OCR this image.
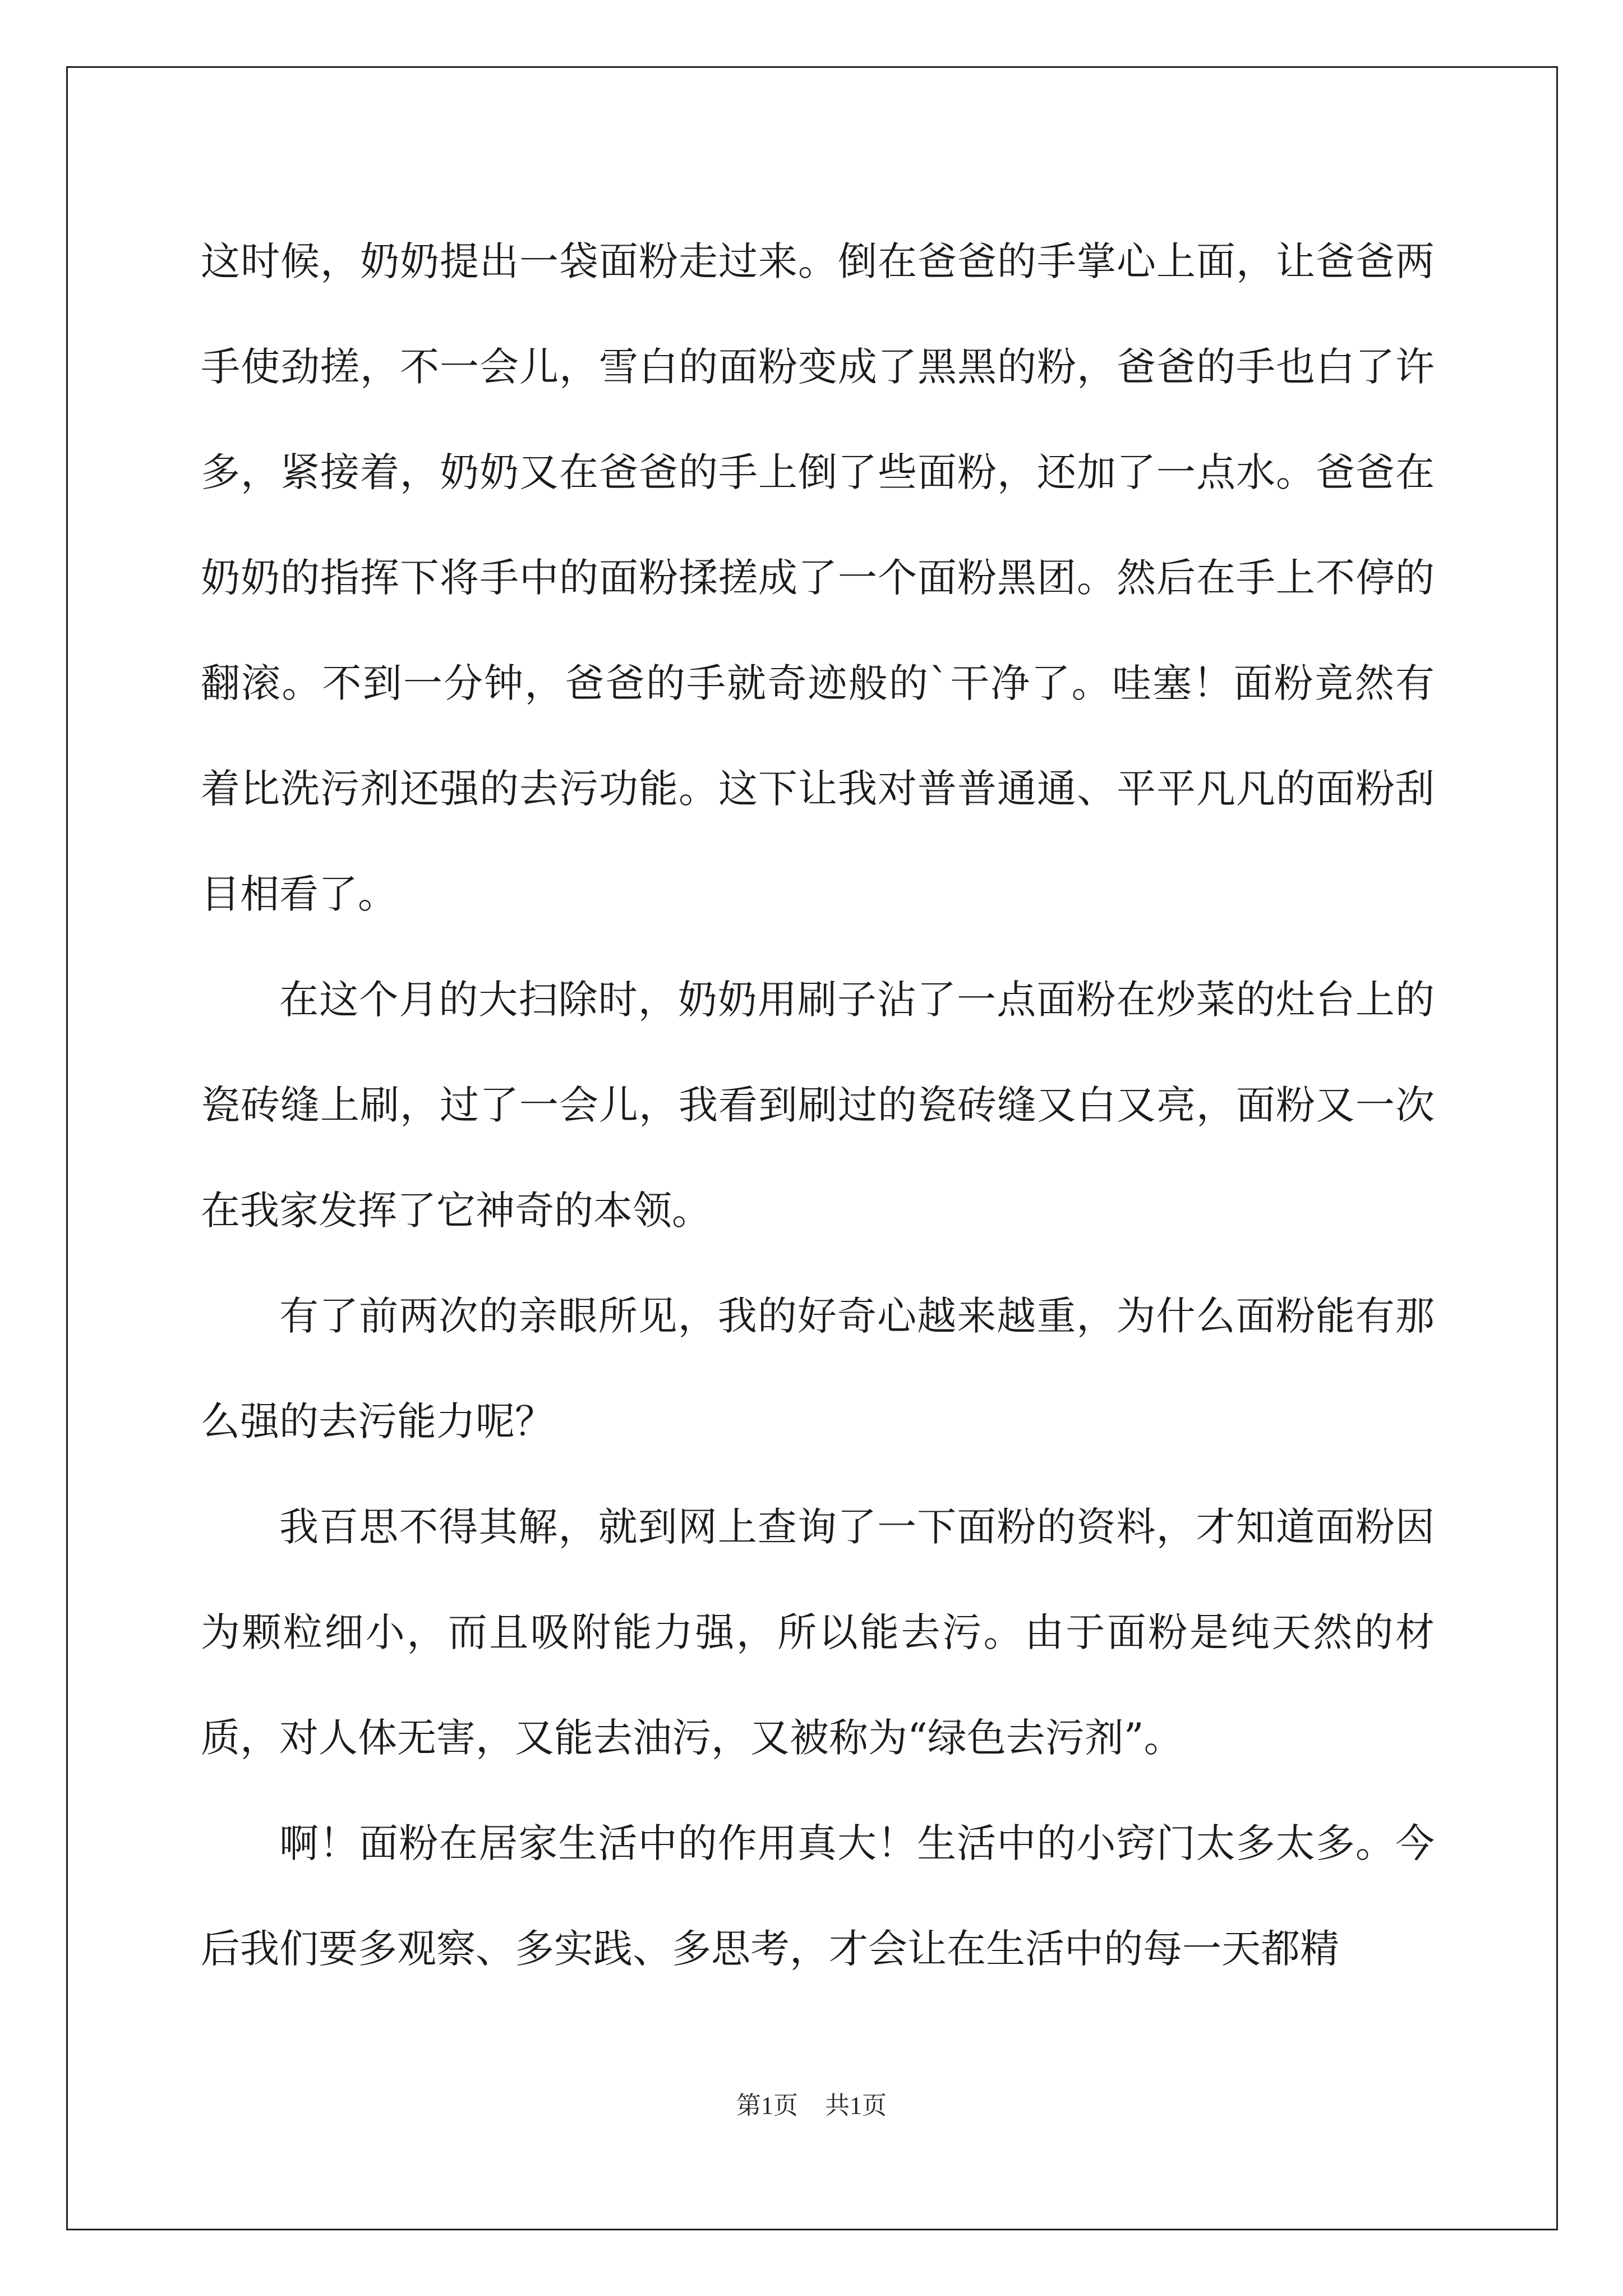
这时候，奶奶提出一袋面粉走过来。倒在爸爸的手掌心上面，让爸爸两手使劲搓，不一会儿，雪白的面粉变成了黑黑的粉，爸爸的手也白了许多，紧接着，奶奶又在爸爸的手上倒了些面粉，还加了一点水。爸爸在奶奶的指挥下将手中的面粉揉搓成了一个面粉黑团。然后在手上不停的翻滚。不到一分钟，爸爸的手就奇迹般的`干净了。哇塞！面粉竟然有着比洗污剂还强的去污功能。这下让我对普普通通、平平凡凡的面粉刮目相看了。

在这个月的大扫除时，奶奶用刷子沾了一点面粉在炒菜的灶台上的瓷砖缝上刷，过了一会儿，我看到刷过的瓷砖缝又白又亮，面粉又一次在我家发挥了它神奇的本领。

有了前两次的亲眼所见，我的好奇心越来越重，为什么面粉能有那么强的去污能力呢？

我百思不得其解，就到网上查询了一下面粉的资料，才知道面粉因为颗粒细小，而且吸附能力强，所以能去污。由于面粉是纯天然的材质，对人体无害，又能去油污，又被称为“绿色去污剂”。

啊！面粉在居家生活中的作用真大！生活中的小窍门太多太多。今后我们要多观察、多实践、多思考，才会让在生活中的每一天都精

第1页 共1页
